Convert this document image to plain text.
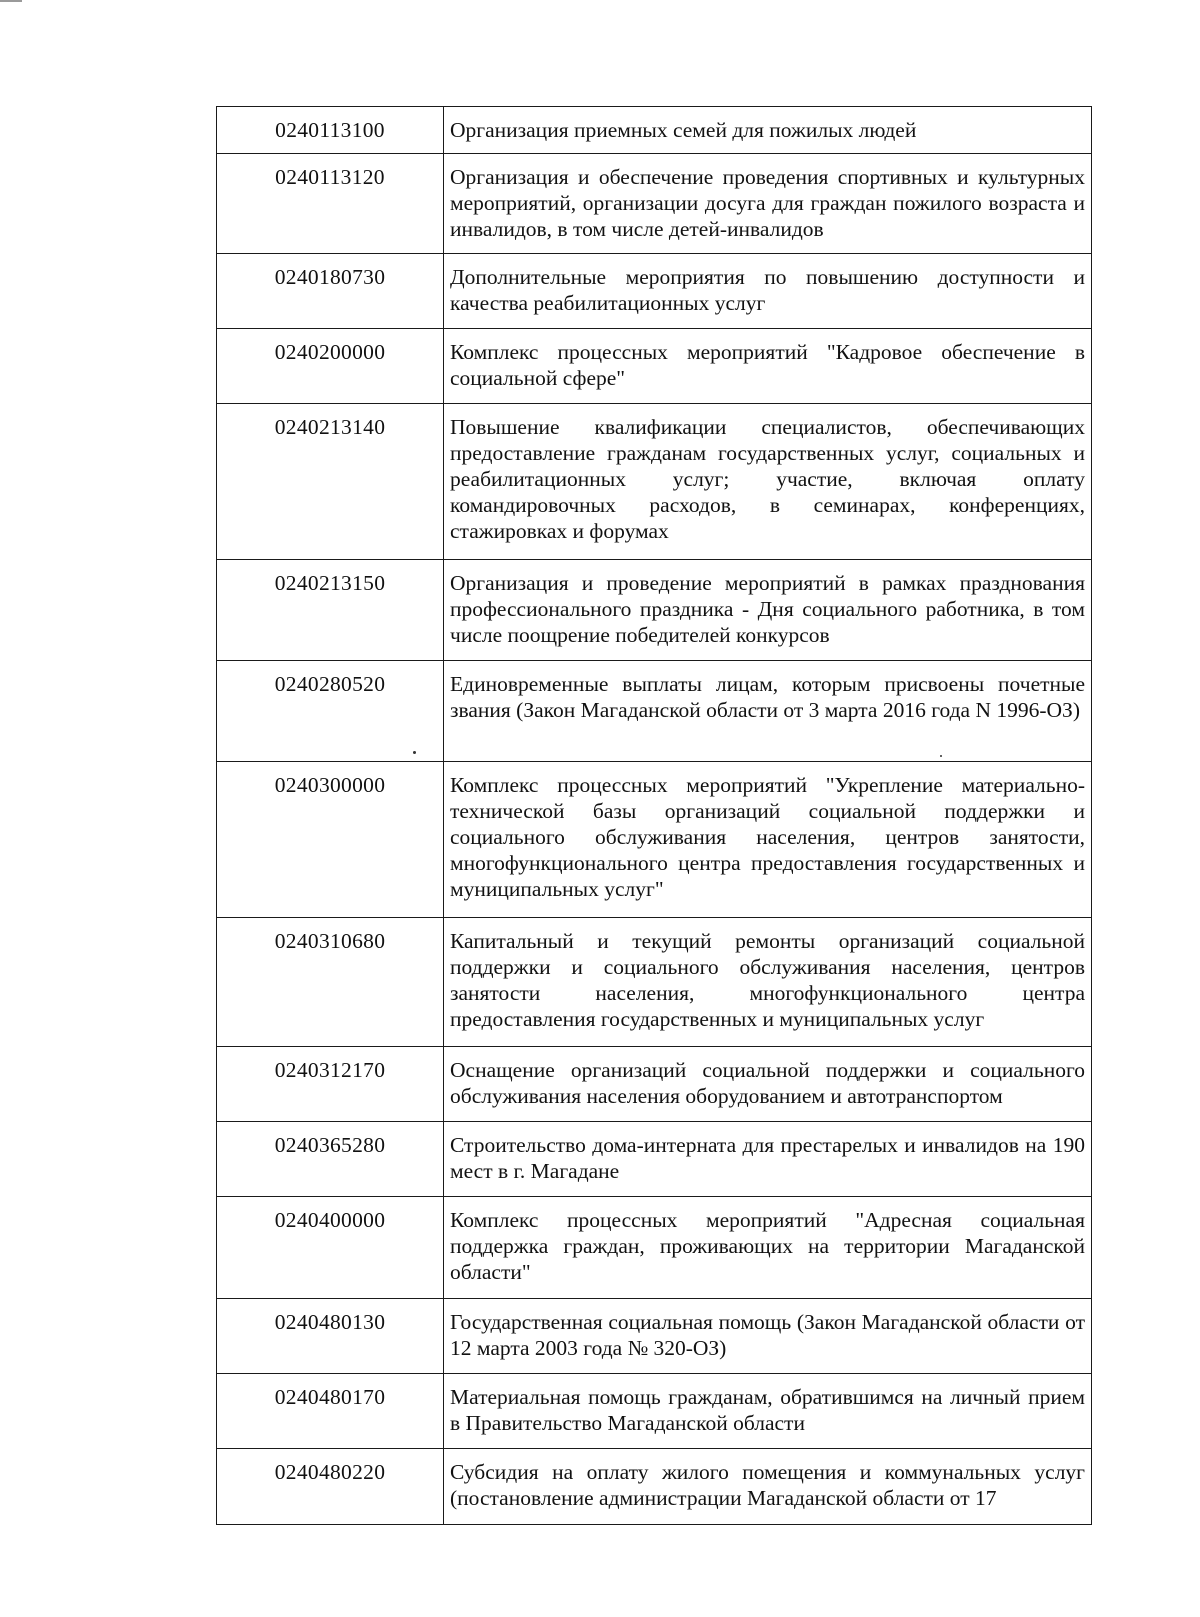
0240113100	Организация приемных семей для пожилых людей
0240113120	Организация и обеспечение проведения спортивных и культурных мероприятий, организации досуга для граждан пожилого возраста и инвалидов, в том числе детей-инвалидов
0240180730	Дополнительные мероприятия по повышению доступности и качества реабилитационных услуг
0240200000	Комплекс процессных мероприятий "Кадровое обеспечение в социальной сфере"
0240213140	Повышение квалификации специалистов, обеспечивающих предоставление гражданам государственных услуг, социальных и реабилитационных услуг; участие, включая оплату командировочных расходов, в семинарах, конференциях, стажировках и форумах
0240213150	Организация и проведение мероприятий в рамках празднования профессионального праздника - Дня социального работника, в том числе поощрение победителей конкурсов
0240280520	Единовременные выплаты лицам, которым присвоены почетные звания (Закон Магаданской области от 3 марта 2016 года N 1996-ОЗ)
0240300000	Комплекс процессных мероприятий "Укрепление материально-технической базы организаций социальной поддержки и социального обслуживания населения, центров занятости, многофункционального центра предоставления государственных и муниципальных услуг"
0240310680	Капитальный и текущий ремонты организаций социальной поддержки и социального обслуживания населения, центров занятости населения, многофункционального центра предоставления государственных и муниципальных услуг
0240312170	Оснащение организаций социальной поддержки и социального обслуживания населения оборудованием и автотранспортом
0240365280	Строительство дома-интерната для престарелых и инвалидов на 190 мест в г. Магадане
0240400000	Комплекс процессных мероприятий "Адресная социальная поддержка граждан, проживающих на территории Магаданской области"
0240480130	Государственная социальная помощь (Закон Магаданской области от 12 марта 2003 года № 320-ОЗ)
0240480170	Материальная помощь гражданам, обратившимся на личный прием в Правительство Магаданской области
0240480220	Субсидия на оплату жилого помещения и коммунальных услуг (постановление администрации Магаданской области от 17
